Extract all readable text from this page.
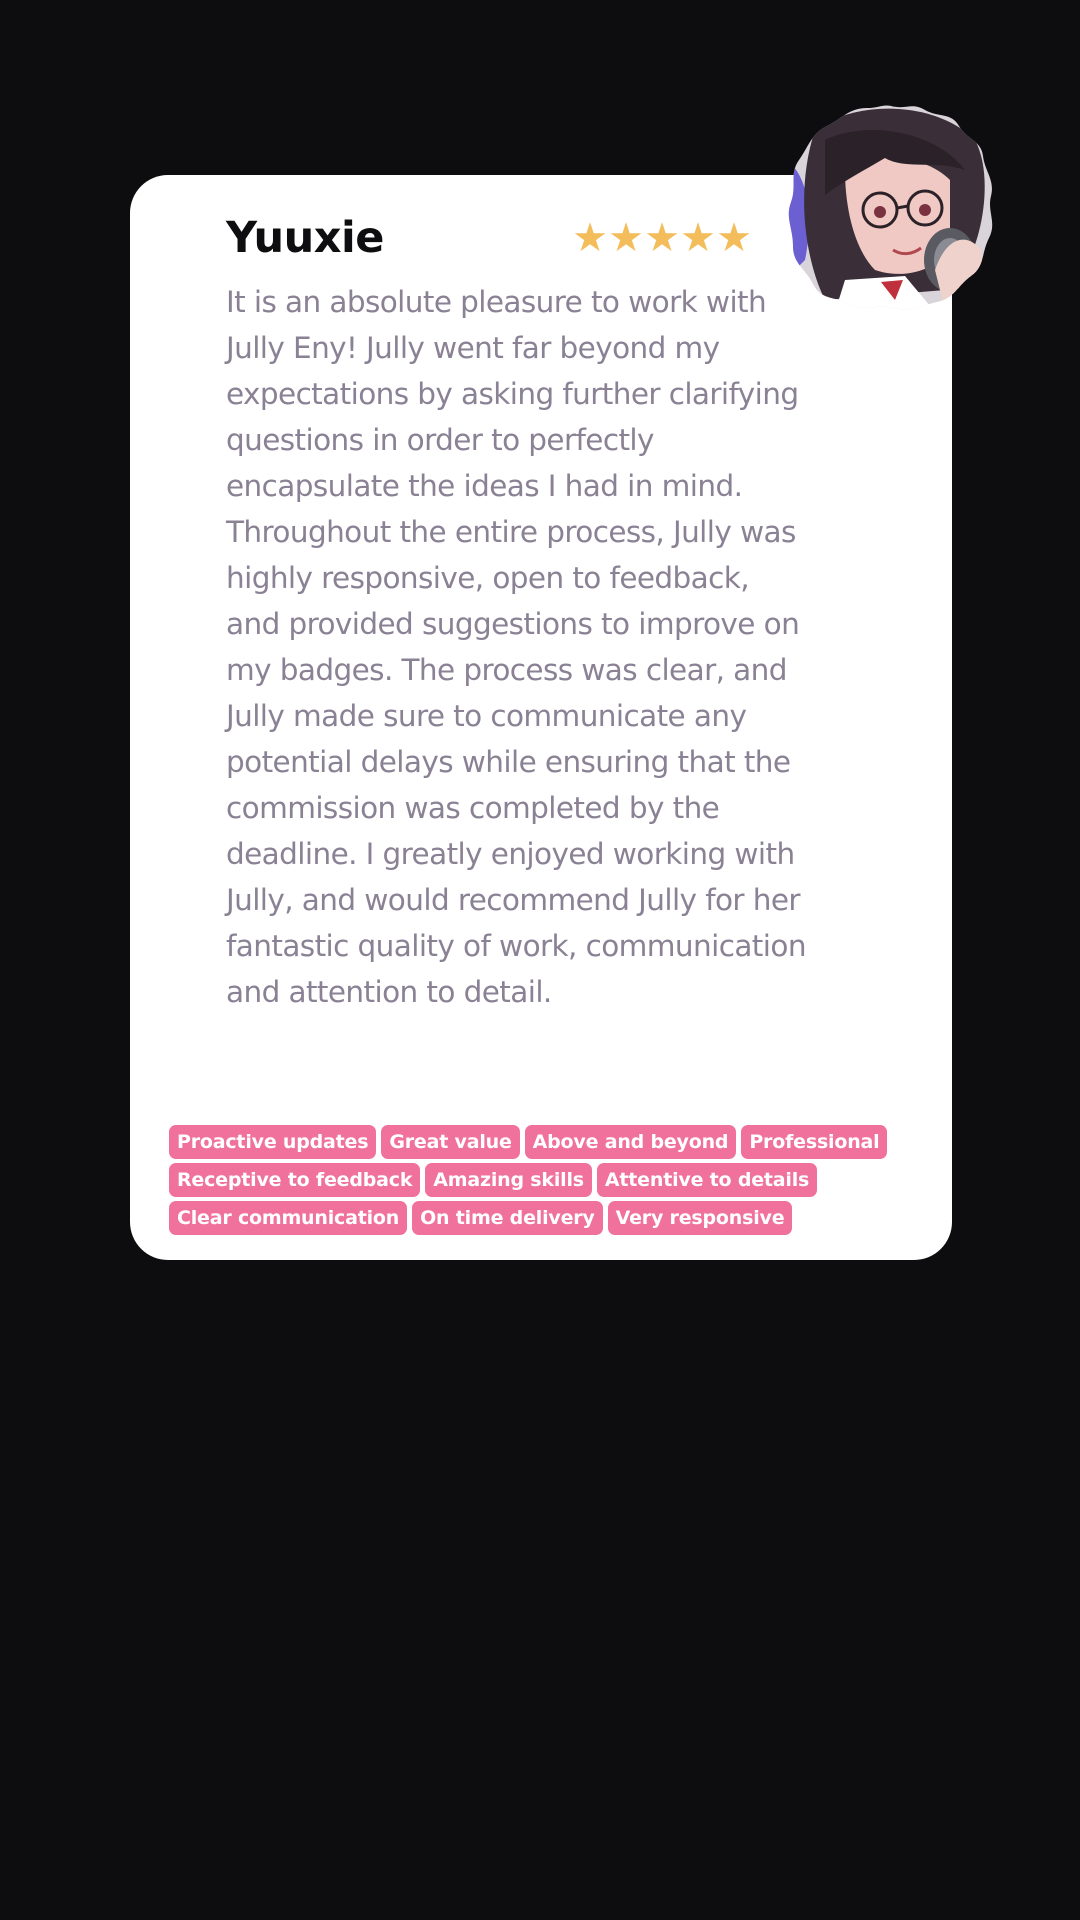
Yuuxie	★ ★ ★ ★ ★

It is an absolute pleasure to work with Jully Eny! Jully went far beyond my expectations by asking further clarifying questions in order to perfectly encapsulate the ideas I had in mind. Throughout the entire process, Jully was highly responsive, open to feedback, and provided suggestions to improve on my badges. The process was clear, and Jully made sure to communicate any potential delays while ensuring that the commission was completed by the deadline. I greatly enjoyed working with Jully, and would recommend Jully for her fantastic quality of work, communication and attention to detail.

Proactive updates	Great value	Above and beyond	Professional
Receptive to feedback	Amazing skills	Attentive to details
Clear communication	On time delivery	Very responsive
